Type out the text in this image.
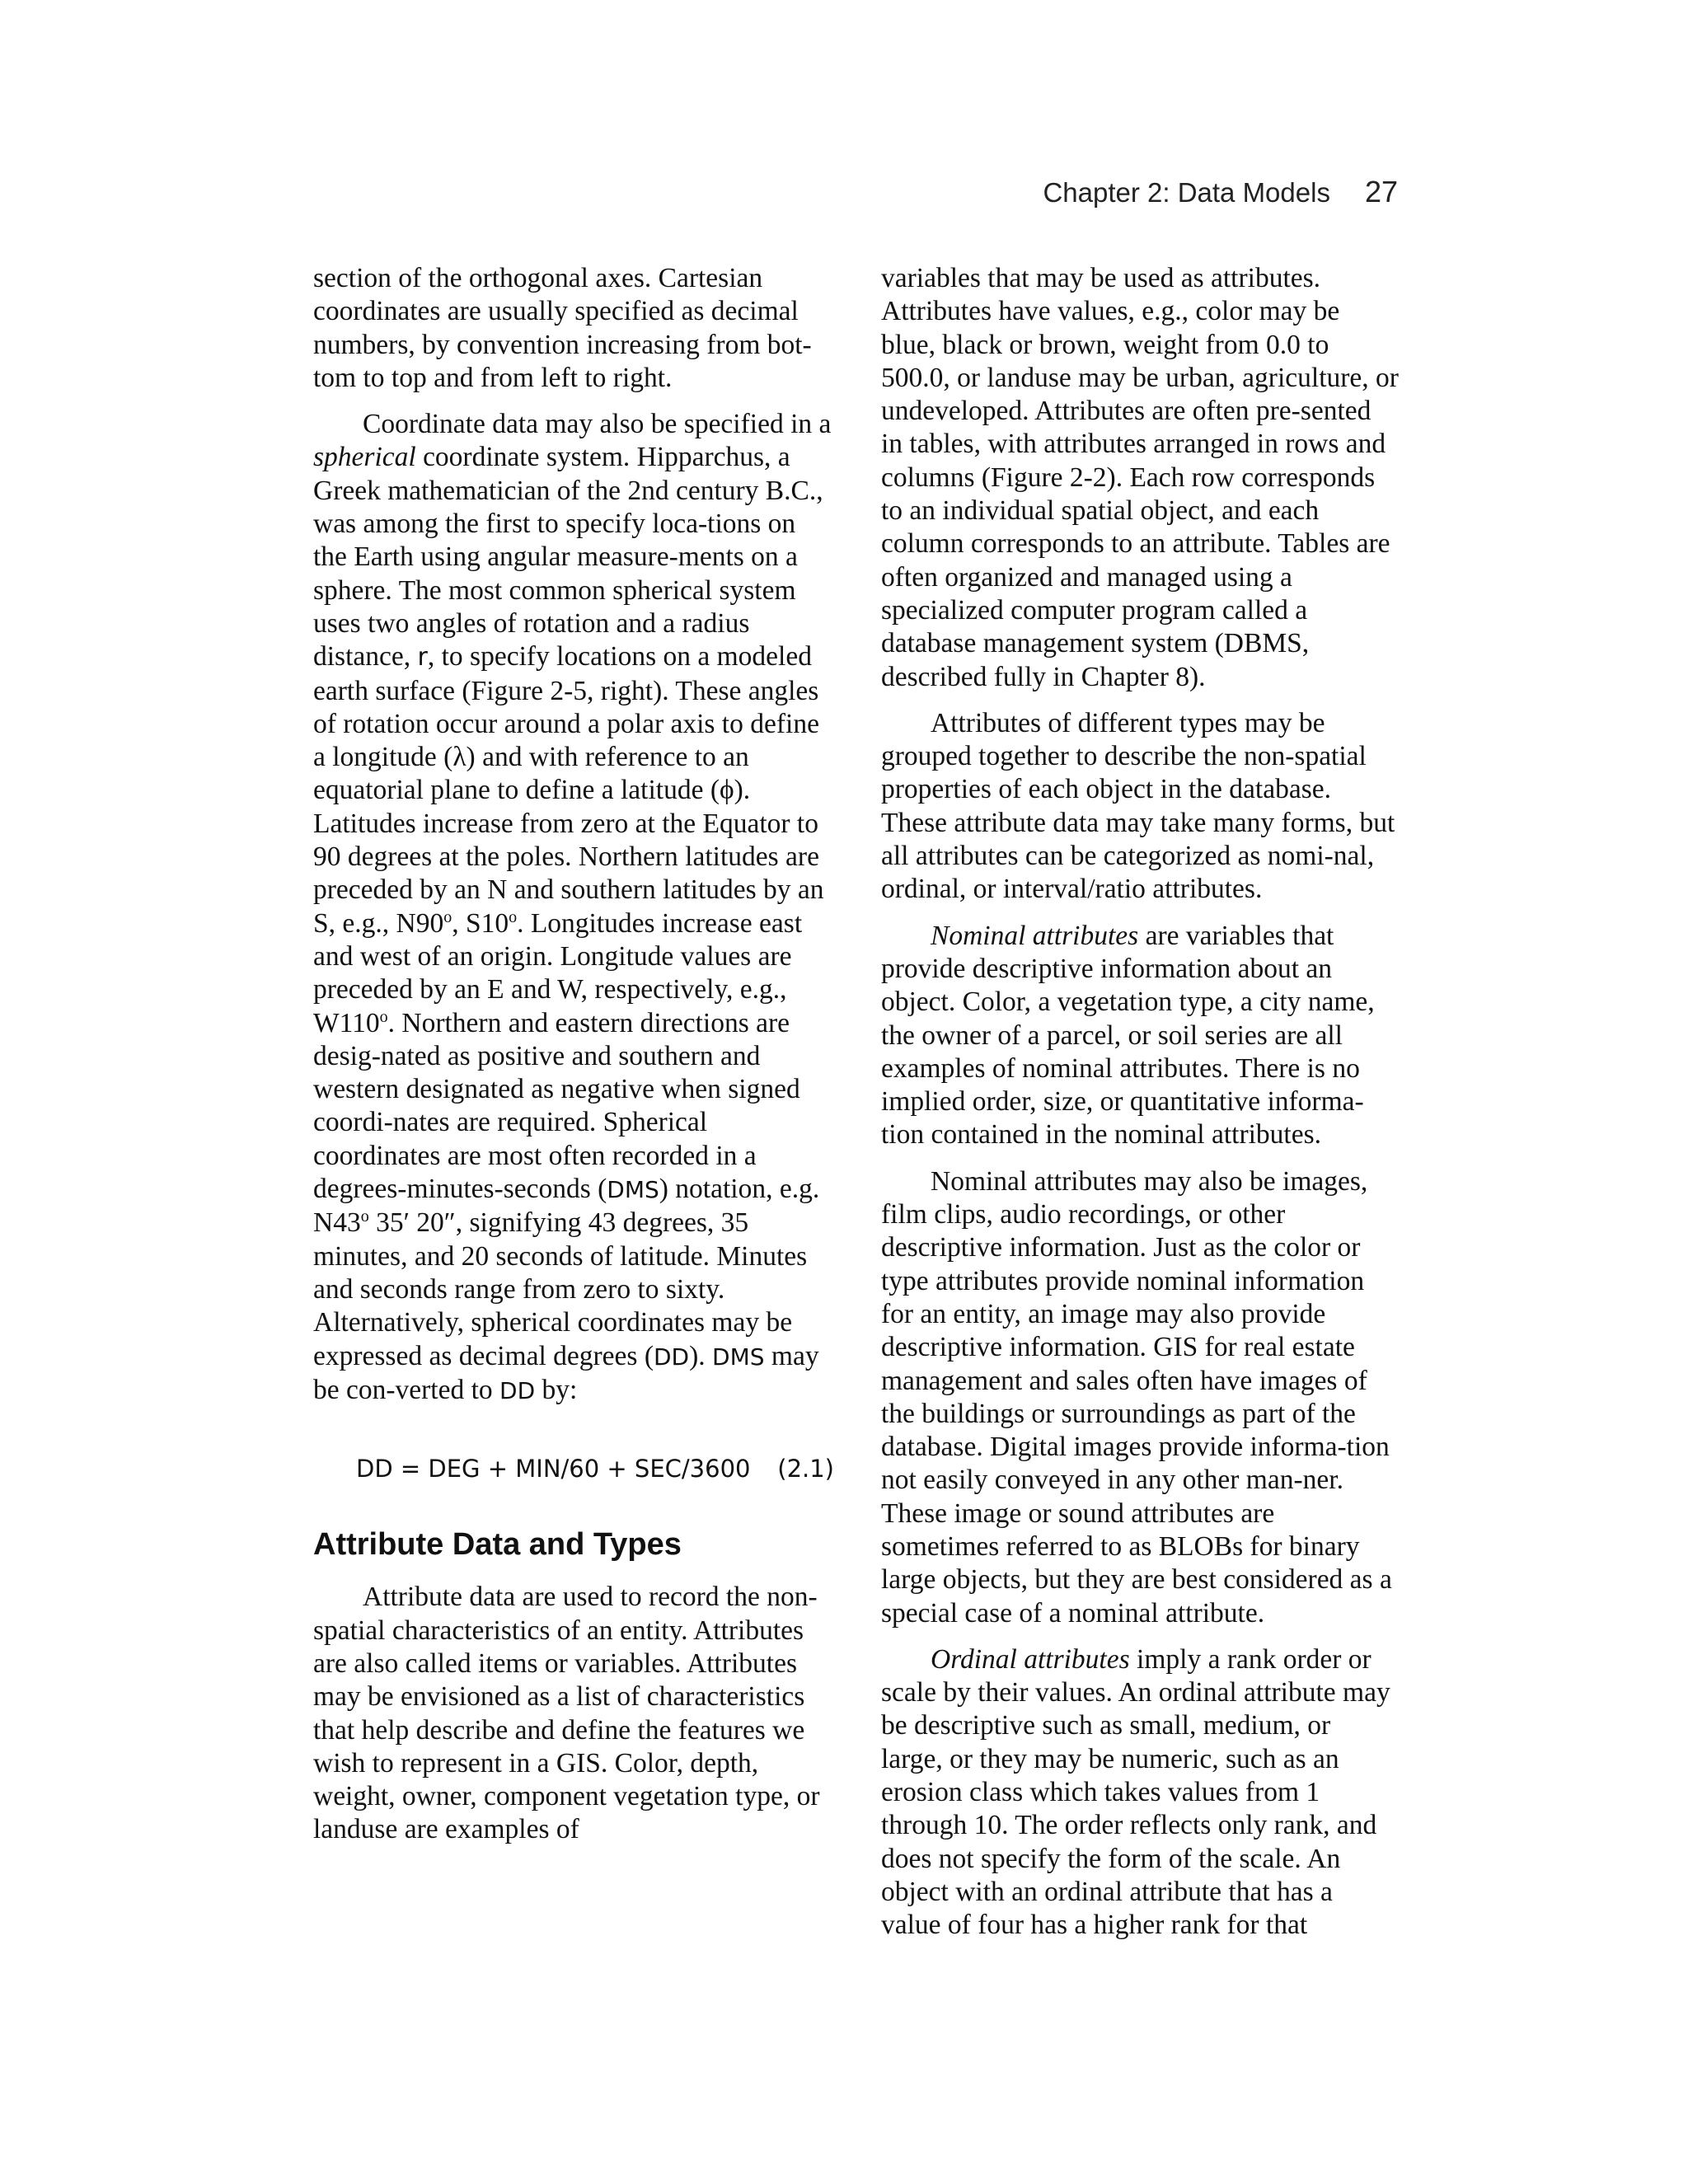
Chapter 2: Data Models 27

section of the orthogonal axes. Cartesian coordinates are usually specified as decimal numbers, by convention increasing from bot-tom to top and from left to right.

Coordinate data may also be specified in a spherical coordinate system. Hipparchus, a Greek mathematician of the 2nd century B.C., was among the first to specify loca-tions on the Earth using angular measure-ments on a sphere. The most common spherical system uses two angles of rotation and a radius distance, r, to specify locations on a modeled earth surface (Figure 2-5, right). These angles of rotation occur around a polar axis to define a longitude (λ) and with reference to an equatorial plane to define a latitude (ϕ). Latitudes increase from zero at the Equator to 90 degrees at the poles. Northern latitudes are preceded by an N and southern latitudes by an S, e.g., N90$^o$, S10$^o$. Longitudes increase east and west of an origin. Longitude values are preceded by an E and W, respectively, e.g., W110$^o$. Northern and eastern directions are desig-nated as positive and southern and western designated as negative when signed coordi-nates are required. Spherical coordinates are most often recorded in a degrees-minutes-seconds (DMS) notation, e.g. N43$^o$ 35′ 20″, signifying 43 degrees, 35 minutes, and 20 seconds of latitude. Minutes and seconds range from zero to sixty. Alternatively, spherical coordinates may be expressed as decimal degrees (DD). DMS may be con-verted to DD by:

DD = DEG + MIN/60 + SEC/3600 (2.1)
Attribute Data and Types

Attribute data are used to record the non-spatial characteristics of an entity. Attributes are also called items or variables. Attributes may be envisioned as a list of characteristics that help describe and define the features we wish to represent in a GIS. Color, depth, weight, owner, component vegetation type, or landuse are examples of

variables that may be used as attributes. Attributes have values, e.g., color may be blue, black or brown, weight from 0.0 to 500.0, or landuse may be urban, agriculture, or undeveloped. Attributes are often pre-sented in tables, with attributes arranged in rows and columns (Figure 2-2). Each row corresponds to an individual spatial object, and each column corresponds to an attribute. Tables are often organized and managed using a specialized computer program called a database management system (DBMS, described fully in Chapter 8).

Attributes of different types may be grouped together to describe the non-spatial properties of each object in the database. These attribute data may take many forms, but all attributes can be categorized as nomi-nal, ordinal, or interval/ratio attributes.

Nominal attributes are variables that provide descriptive information about an object. Color, a vegetation type, a city name, the owner of a parcel, or soil series are all examples of nominal attributes. There is no implied order, size, or quantitative informa-tion contained in the nominal attributes.

Nominal attributes may also be images, film clips, audio recordings, or other descriptive information. Just as the color or type attributes provide nominal information for an entity, an image may also provide descriptive information. GIS for real estate management and sales often have images of the buildings or surroundings as part of the database. Digital images provide informa-tion not easily conveyed in any other man-ner. These image or sound attributes are sometimes referred to as BLOBs for binary large objects, but they are best considered as a special case of a nominal attribute.

Ordinal attributes imply a rank order or scale by their values. An ordinal attribute may be descriptive such as small, medium, or large, or they may be numeric, such as an erosion class which takes values from 1 through 10. The order reflects only rank, and does not specify the form of the scale. An object with an ordinal attribute that has a value of four has a higher rank for that
